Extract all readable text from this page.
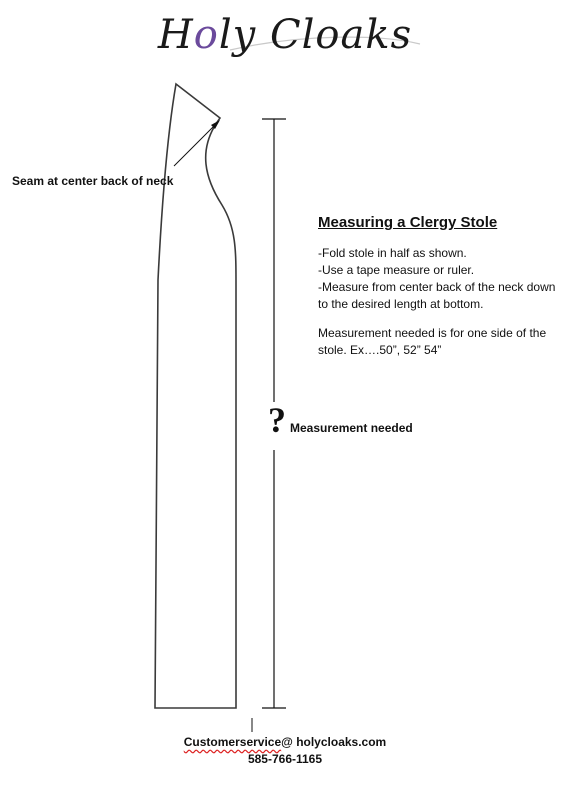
Holy Cloaks
Seam at center back of neck
Measuring a Clergy Stole
-Fold stole in half as shown.
-Use a tape measure or ruler.
-Measure from center back of the neck down to the desired length at bottom.

Measurement needed is for one side of the stole. Ex….50”, 52” 54”

? Measurement needed
Customerservice@ holycloaks.com
585-766-1165
